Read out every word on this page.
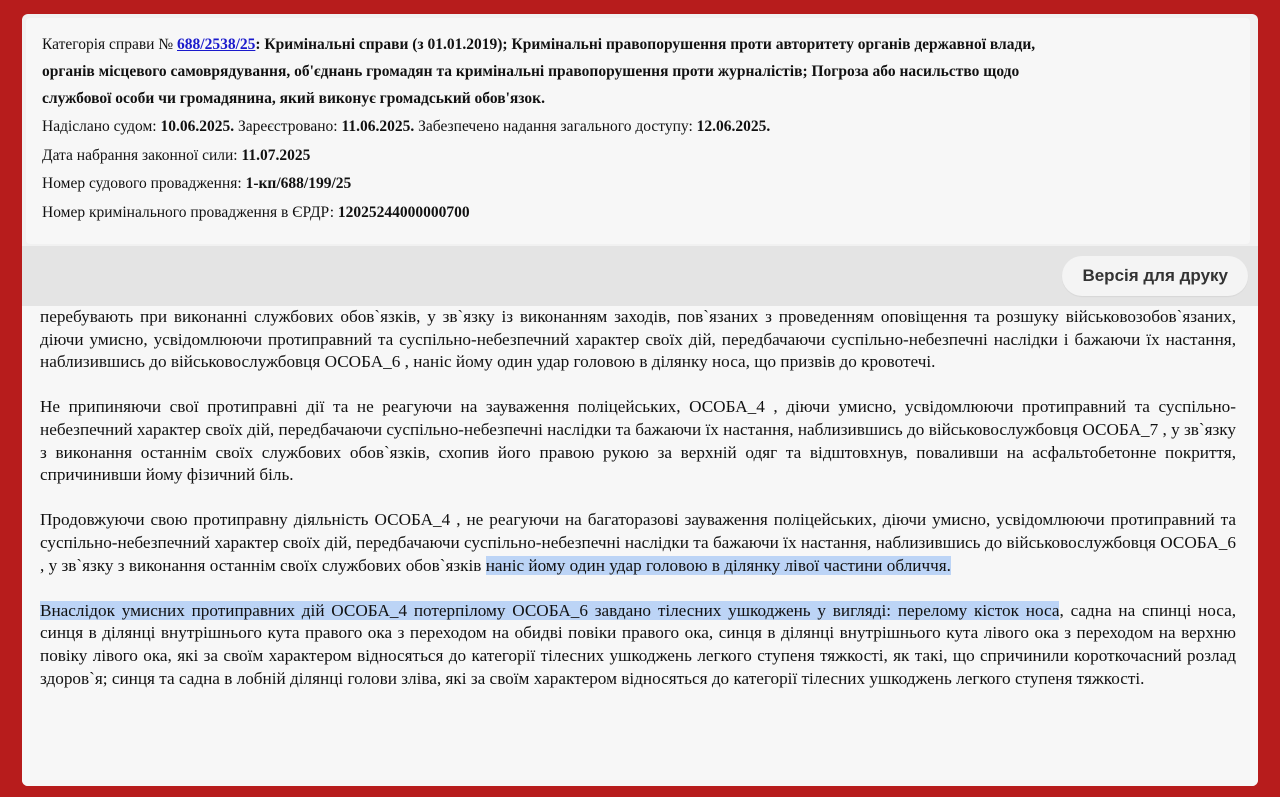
Категорія справи № 688/2538/25: Кримінальні справи (з 01.01.2019); Кримінальні правопорушення проти авторитету органів державної влади,
органів місцевого самоврядування, об'єднань громадян та кримінальні правопорушення проти журналістів; Погроза або насильство щодо
службової особи чи громадянина, який виконує громадський обов'язок.
Надіслано судом: 10.06.2025. Зареєстровано: 11.06.2025. Забезпечено надання загального доступу: 12.06.2025.
Дата набрання законної сили: 11.07.2025
Номер судового провадження: 1-кп/688/199/25
Номер кримінального провадження в ЄРДР: 12025244000000700
Версія для друку

перебувають при виконанні службових обов`язків, у зв`язку із виконанням заходів, пов`язаних з проведенням оповіщення та розшуку військовозобов`язаних, діючи умисно, усвідомлюючи протиправний та суспільно-небезпечний характер своїх дій, передбачаючи суспільно-небезпечні наслідки і бажаючи їх настання, наблизившись до військовослужбовця ОСОБА_6 , наніс йому один удар головою в ділянку носа, що призвів до кровотечі.

Не припиняючи свої протиправні дії та не реагуючи на зауваження поліцейських, ОСОБА_4 , діючи умисно, усвідомлюючи протиправний та суспільно-небезпечний характер своїх дій, передбачаючи суспільно-небезпечні наслідки та бажаючи їх настання, наблизившись до військовослужбовця ОСОБА_7 , у зв`язку з виконання останнім своїх службових обов`язків, схопив його правою рукою за верхній одяг та відштовхнув, поваливши на асфальтобетонне покриття, спричинивши йому фізичний біль.

Продовжуючи свою протиправну діяльність ОСОБА_4 , не реагуючи на багаторазові зауваження поліцейських, діючи умисно, усвідомлюючи протиправний та суспільно-небезпечний характер своїх дій, передбачаючи суспільно-небезпечні наслідки та бажаючи їх настання, наблизившись до військовослужбовця ОСОБА_6 , у зв`язку з виконання останнім своїх службових обов`язків наніс йому один удар головою в ділянку лівої частини обличчя.

Внаслідок умисних протиправних дій ОСОБА_4 потерпілому ОСОБА_6 завдано тілесних ушкоджень у вигляді: перелому кісток носа, садна на спинці носа, синця в ділянці внутрішнього кута правого ока з переходом на обидві повіки правого ока, синця в ділянці внутрішнього кута лівого ока з переходом на верхню повіку лівого ока, які за своїм характером відносяться до категорії тілесних ушкоджень легкого ступеня тяжкості, як такі, що спричинили короткочасний розлад здоров`я; синця та садна в лобній ділянці голови зліва, які за своїм характером відносяться до категорії тілесних ушкоджень легкого ступеня тяжкості.
